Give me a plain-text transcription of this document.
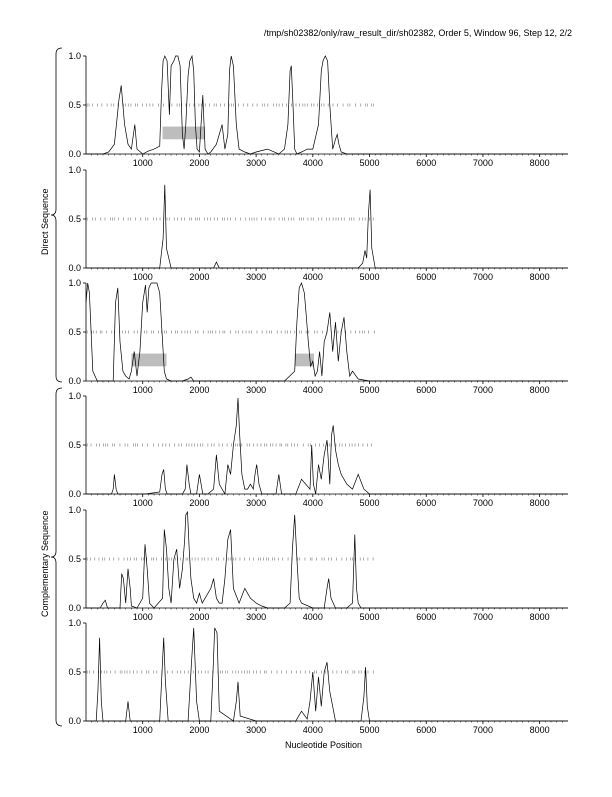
/tmp/sh02382/only/raw_result_dir/sh02382, Order 5, Window 96, Step 12, 2/2
0.0
0.5
1.0
1000	2000	3000	4000	5000	6000	7000	8000
0.0
0.5
1.0
1000	2000	3000	4000	5000	6000	7000	8000
0.0
0.5
1.0
1000	2000	3000	4000	5000	6000	7000	8000
0.0
0.5
1.0
1000	2000	3000	4000	5000	6000	7000	8000
0.0
0.5
1.0
1000	2000	3000	4000	5000	6000	7000	8000
0.0
0.5
1.0
1000	2000	3000	4000	5000	6000	7000	8000
Direct Sequence
Complementary Sequence
Nucleotide Position
